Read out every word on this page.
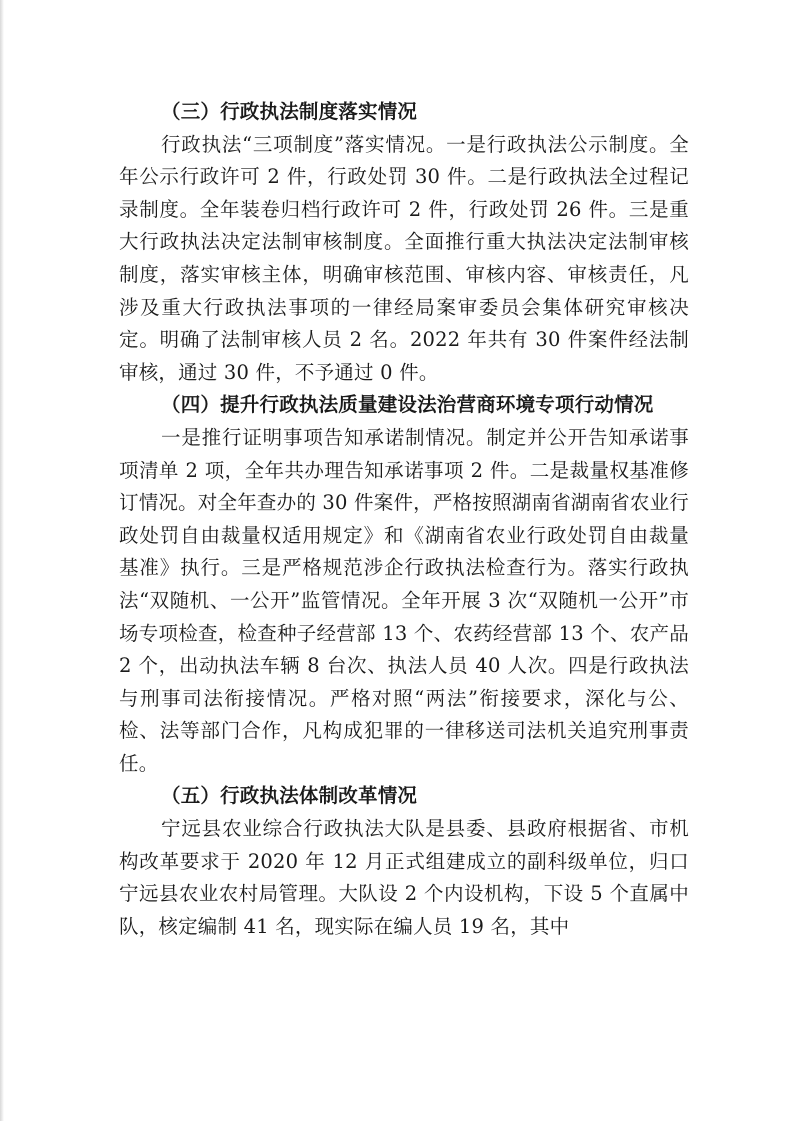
（三）行政执法制度落实情况

行政执法“三项制度”落实情况。一是行政执法公示制度。全年公示行政许可 2 件，行政处罚 30 件。二是行政执法全过程记录制度。全年装卷归档行政许可 2 件，行政处罚 26 件。三是重大行政执法决定法制审核制度。全面推行重大执法决定法制审核制度，落实审核主体，明确审核范围、审核内容、审核责任，凡涉及重大行政执法事项的一律经局案审委员会集体研究审核决定。明确了法制审核人员 2 名。2022 年共有 30 件案件经法制审核，通过 30 件，不予通过 0 件。

（四）提升行政执法质量建设法治营商环境专项行动情况

一是推行证明事项告知承诺制情况。制定并公开告知承诺事项清单 2 项，全年共办理告知承诺事项 2 件。二是裁量权基准修订情况。对全年查办的 30 件案件，严格按照湖南省湖南省农业行政处罚自由裁量权适用规定》和《湖南省农业行政处罚自由裁量基准》执行。三是严格规范涉企行政执法检查行为。落实行政执法“双随机、一公开”监管情况。全年开展 3 次“双随机一公开”市场专项检查，检查种子经营部 13 个、农药经营部 13 个、农产品 2 个，出动执法车辆 8 台次、执法人员 40 人次。四是行政执法与刑事司法衔接情况。严格对照“两法”衔接要求，深化与公、检、法等部门合作，凡构成犯罪的一律移送司法机关追究刑事责任。

（五）行政执法体制改革情况

宁远县农业综合行政执法大队是县委、县政府根据省、市机构改革要求于 2020 年 12 月正式组建成立的副科级单位，归口宁远县农业农村局管理。大队设 2 个内设机构，下设 5 个直属中队，核定编制 41 名，现实际在编人员 19 名，其中
